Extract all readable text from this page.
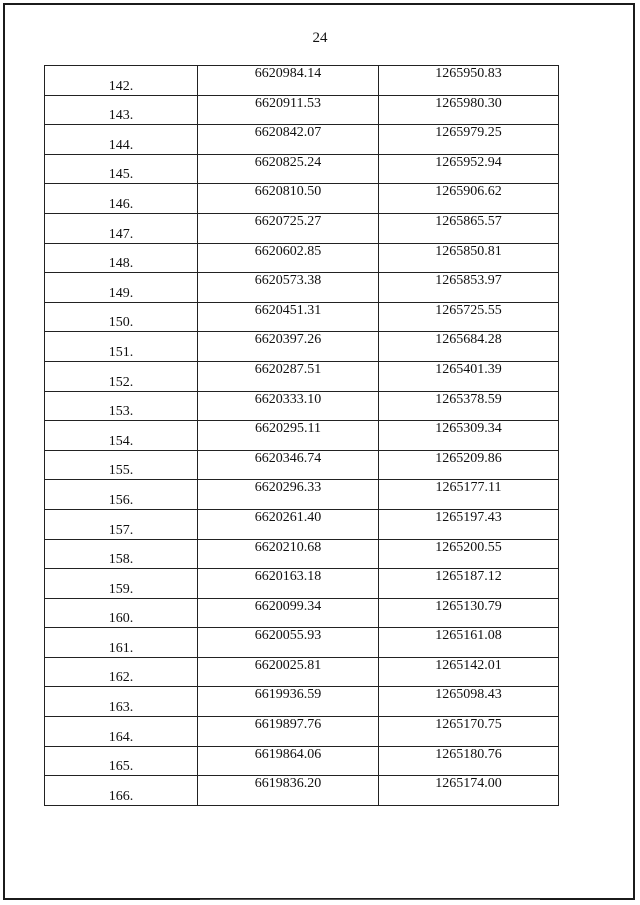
24
142.	6620984.14	1265950.83
143.	6620911.53	1265980.30
144.	6620842.07	1265979.25
145.	6620825.24	1265952.94
146.	6620810.50	1265906.62
147.	6620725.27	1265865.57
148.	6620602.85	1265850.81
149.	6620573.38	1265853.97
150.	6620451.31	1265725.55
151.	6620397.26	1265684.28
152.	6620287.51	1265401.39
153.	6620333.10	1265378.59
154.	6620295.11	1265309.34
155.	6620346.74	1265209.86
156.	6620296.33	1265177.11
157.	6620261.40	1265197.43
158.	6620210.68	1265200.55
159.	6620163.18	1265187.12
160.	6620099.34	1265130.79
161.	6620055.93	1265161.08
162.	6620025.81	1265142.01
163.	6619936.59	1265098.43
164.	6619897.76	1265170.75
165.	6619864.06	1265180.76
166.	6619836.20	1265174.00
